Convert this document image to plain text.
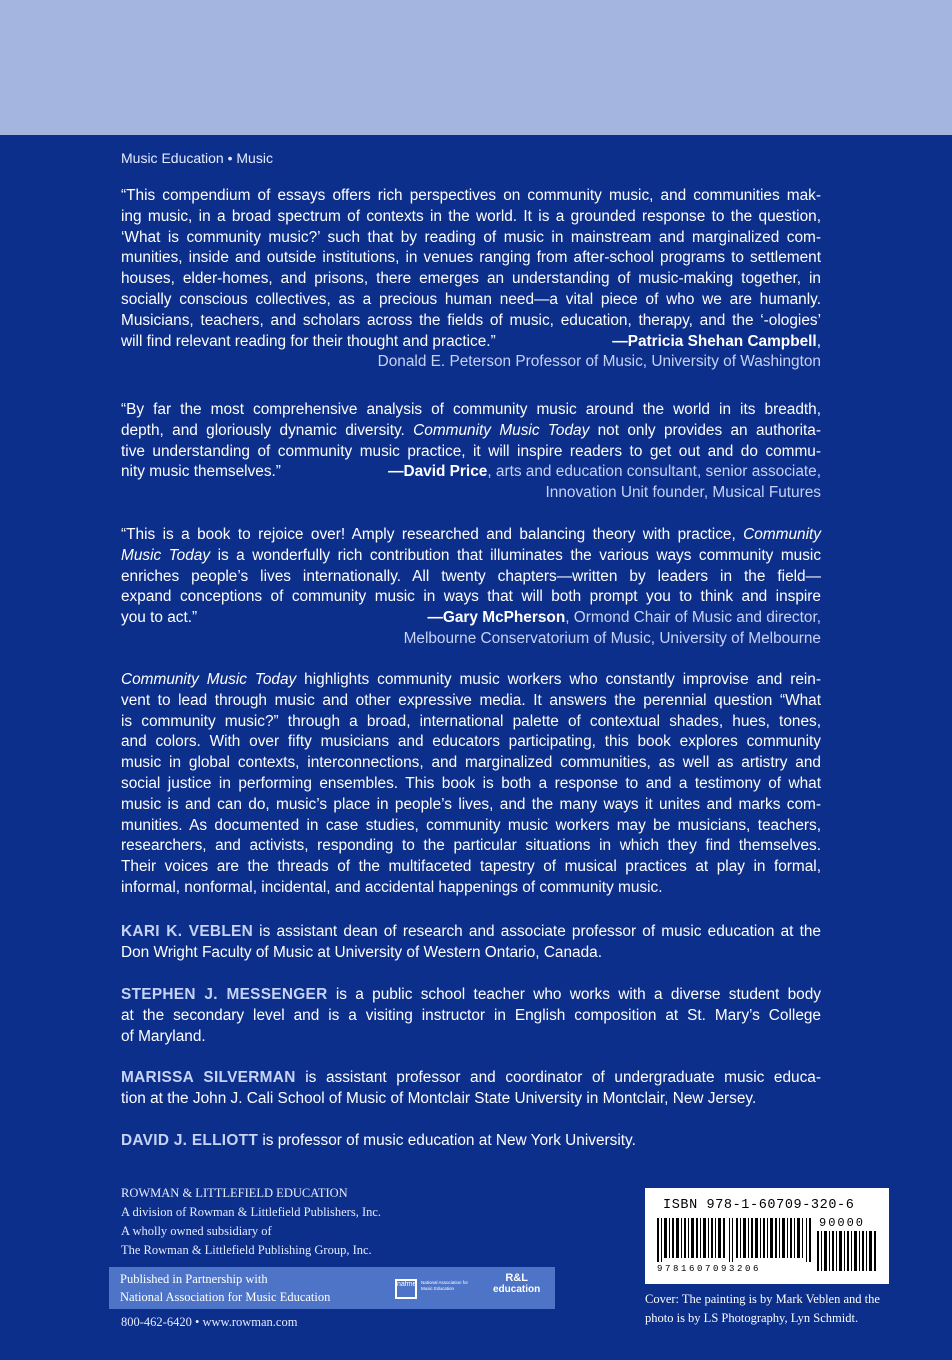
Music Education • Music
“This compendium of essays offers rich perspectives on community music, and communities mak-
ing music, in a broad spectrum of contexts in the world. It is a grounded response to the question,
‘What is community music?’ such that by reading of music in mainstream and marginalized com-
munities, inside and outside institutions, in venues ranging from after-school programs to settlement
houses, elder-homes, and prisons, there emerges an understanding of music-making together, in
socially conscious collectives, as a precious human need—a vital piece of who we are humanly.
Musicians, teachers, and scholars across the fields of music, education, therapy, and the ‘-ologies’
will find relevant reading for their thought and practice.”	—Patricia Shehan Campbell,
Donald E. Peterson Professor of Music, University of Washington
“By far the most comprehensive analysis of community music around the world in its breadth,
depth, and gloriously dynamic diversity. Community Music Today not only provides an authorita-
tive understanding of community music practice, it will inspire readers to get out and do commu-
nity music themselves.”	—David Price, arts and education consultant, senior associate,
Innovation Unit founder, Musical Futures
“This is a book to rejoice over! Amply researched and balancing theory with practice, Community
Music Today is a wonderfully rich contribution that illuminates the various ways community music
enriches people’s lives internationally. All twenty chapters—written by leaders in the field—
expand conceptions of community music in ways that will both prompt you to think and inspire
you to act.”	—Gary McPherson, Ormond Chair of Music and director,
Melbourne Conservatorium of Music, University of Melbourne
Community Music Today highlights community music workers who constantly improvise and rein-
vent to lead through music and other expressive media. It answers the perennial question “What
is community music?” through a broad, international palette of contextual shades, hues, tones,
and colors. With over fifty musicians and educators participating, this book explores community
music in global contexts, interconnections, and marginalized communities, as well as artistry and
social justice in performing ensembles. This book is both a response to and a testimony of what
music is and can do, music’s place in people’s lives, and the many ways it unites and marks com-
munities. As documented in case studies, community music workers may be musicians, teachers,
researchers, and activists, responding to the particular situations in which they find themselves.
Their voices are the threads of the multifaceted tapestry of musical practices at play in formal,
informal, nonformal, incidental, and accidental happenings of community music.
KARI K. VEBLEN is assistant dean of research and associate professor of music education at the
Don Wright Faculty of Music at University of Western Ontario, Canada.
STEPHEN J. MESSENGER is a public school teacher who works with a diverse student body
at the secondary level and is a visiting instructor in English composition at St. Mary’s College
of Maryland.
MARISSA SILVERMAN is assistant professor and coordinator of undergraduate music educa-
tion at the John J. Cali School of Music of Montclair State University in Montclair, New Jersey.
DAVID J. ELLIOTT is professor of music education at New York University.
ROWMAN & LITTLEFIELD EDUCATION
A division of Rowman & Littlefield Publishers, Inc.
A wholly owned subsidiary of
The Rowman & Littlefield Publishing Group, Inc.
Published in Partnership with
National Association for Music Education
nafme National Association for Music Education
R&L
education
800-462-6420 • www.rowman.com
ISBN 978-1-60709-320-6
90000
9781607093206
Cover: The painting is by Mark Veblen and the
photo is by LS Photography, Lyn Schmidt.
